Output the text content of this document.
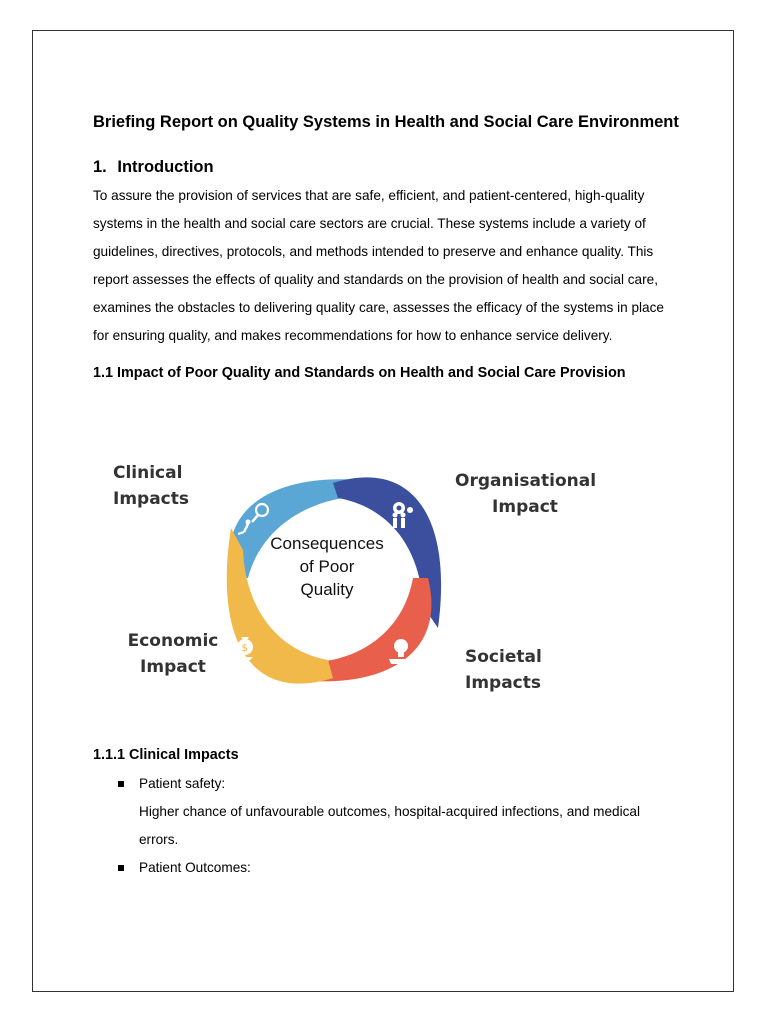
Briefing Report on Quality Systems in Health and Social Care Environment
1. Introduction

To assure the provision of services that are safe, efficient, and patient-centered, high-quality systems in the health and social care sectors are crucial. These systems include a variety of guidelines, directives, protocols, and methods intended to preserve and enhance quality. This report assesses the effects of quality and standards on the provision of health and social care, examines the obstacles to delivering quality care, assesses the efficacy of the systems in place for ensuring quality, and makes recommendations for how to enhance service delivery.

1.1 Impact of Poor Quality and Standards on Health and Social Care Provision
$
Consequences
of Poor
Quality
Clinical
Impacts
Organisational
Impact
Economic
Impact	Societal
Impacts
1.1.1 Clinical Impacts
Patient safety:
Higher chance of unfavourable outcomes, hospital-acquired infections, and medical errors.
Patient Outcomes:
